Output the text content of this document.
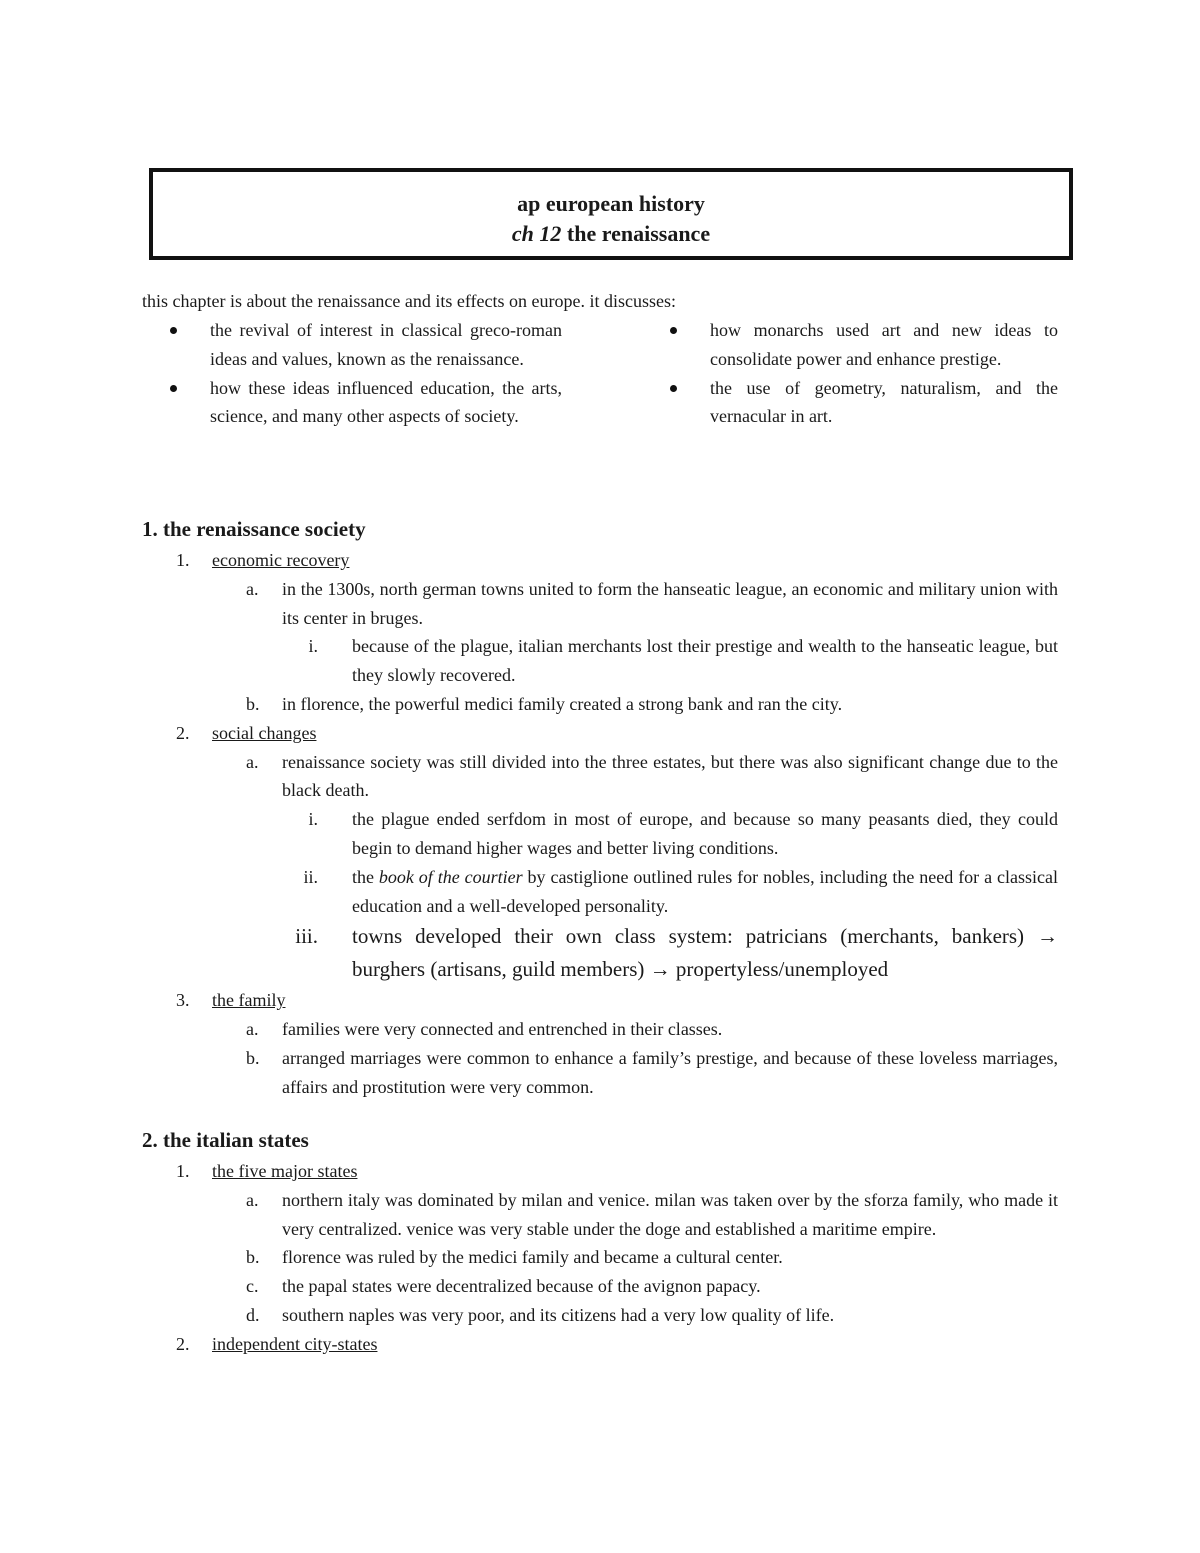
ap european history
ch 12 the renaissance
this chapter is about the renaissance and its effects on europe. it discusses:
the revival of interest in classical greco-roman ideas and values, known as the renaissance.
how these ideas influenced education, the arts, science, and many other aspects of society.
how monarchs used art and new ideas to consolidate power and enhance prestige.
the use of geometry, naturalism, and the vernacular in art.
1. the renaissance society
1. economic recovery
a. in the 1300s, north german towns united to form the hanseatic league, an economic and military union with its center in bruges.
i. because of the plague, italian merchants lost their prestige and wealth to the hanseatic league, but they slowly recovered.
b. in florence, the powerful medici family created a strong bank and ran the city.
2. social changes
a. renaissance society was still divided into the three estates, but there was also significant change due to the black death.
i. the plague ended serfdom in most of europe, and because so many peasants died, they could begin to demand higher wages and better living conditions.
ii. the book of the courtier by castiglione outlined rules for nobles, including the need for a classical education and a well-developed personality.
iii. towns developed their own class system: patricians (merchants, bankers) → burghers (artisans, guild members) → propertyless/unemployed
3. the family
a. families were very connected and entrenched in their classes.
b. arranged marriages were common to enhance a family’s prestige, and because of these loveless marriages, affairs and prostitution were very common.
2. the italian states
1. the five major states
a. northern italy was dominated by milan and venice. milan was taken over by the sforza family, who made it very centralized. venice was very stable under the doge and established a maritime empire.
b. florence was ruled by the medici family and became a cultural center.
c. the papal states were decentralized because of the avignon papacy.
d. southern naples was very poor, and its citizens had a very low quality of life.
2. independent city-states
